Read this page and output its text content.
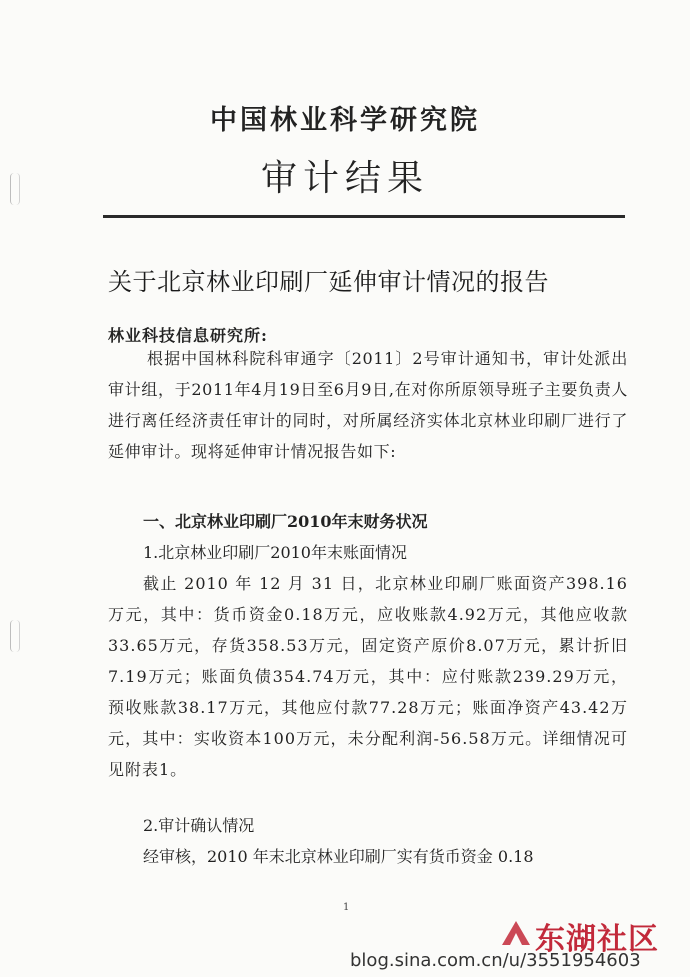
中国林业科学研究院
审计结果
关于北京林业印刷厂延伸审计情况的报告
林业科技信息研究所:
根据中国林科院科审通字〔2011〕2号审计通知书，审计处派出审计组，于2011年4月19日至6月9日,在对你所原领导班子主要负责人进行离任经济责任审计的同时，对所属经济实体北京林业印刷厂进行了延伸审计。现将延伸审计情况报告如下:
一、北京林业印刷厂2010年末财务状况
1.北京林业印刷厂2010年末账面情况
截止 2010 年 12 月 31 日，北京林业印刷厂账面资产398.16万元，其中：货币资金0.18万元，应收账款4.92万元，其他应收款33.65万元，存货358.53万元，固定资产原价8.07万元，累计折旧7.19万元；账面负债354.74万元，其中：应付账款239.29万元，预收账款38.17万元，其他应付款77.28万元；账面净资产43.42万元，其中：实收资本100万元，未分配利润-56.58万元。详细情况可见附表1。
2.审计确认情况
经审核，2010 年末北京林业印刷厂实有货币资金 0.18
1
东湖社区
blog.sina.com.cn/u/3551954603
